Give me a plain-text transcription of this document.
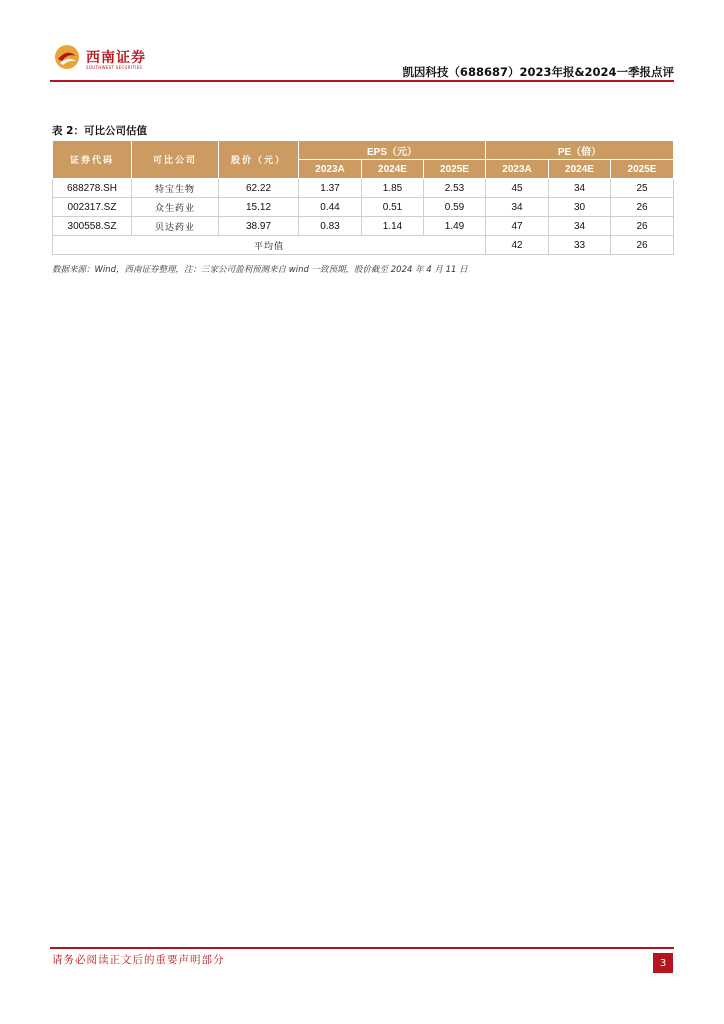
西南证券
SOUTHWEST SECURITIES	凯因科技（688687）2023年报&2024一季报点评
表 2：可比公司估值
证券代码	可比公司	股价（元）	EPS（元）			PE（倍）		
			2023A	2024E	2025E	2023A	2024E	2025E
688278.SH	特宝生物	62.22	1.37	1.85	2.53	45	34	25
002317.SZ	众生药业	15.12	0.44	0.51	0.59	34	30	26
300558.SZ	贝达药业	38.97	0.83	1.14	1.49	47	34	26
平均值						42	33	26
数据来源：Wind，西南证券整理，注：三家公司盈利预测来自 wind 一致预期，股价截至 2024 年 4 月 11 日
请务必阅读正文后的重要声明部分	3
